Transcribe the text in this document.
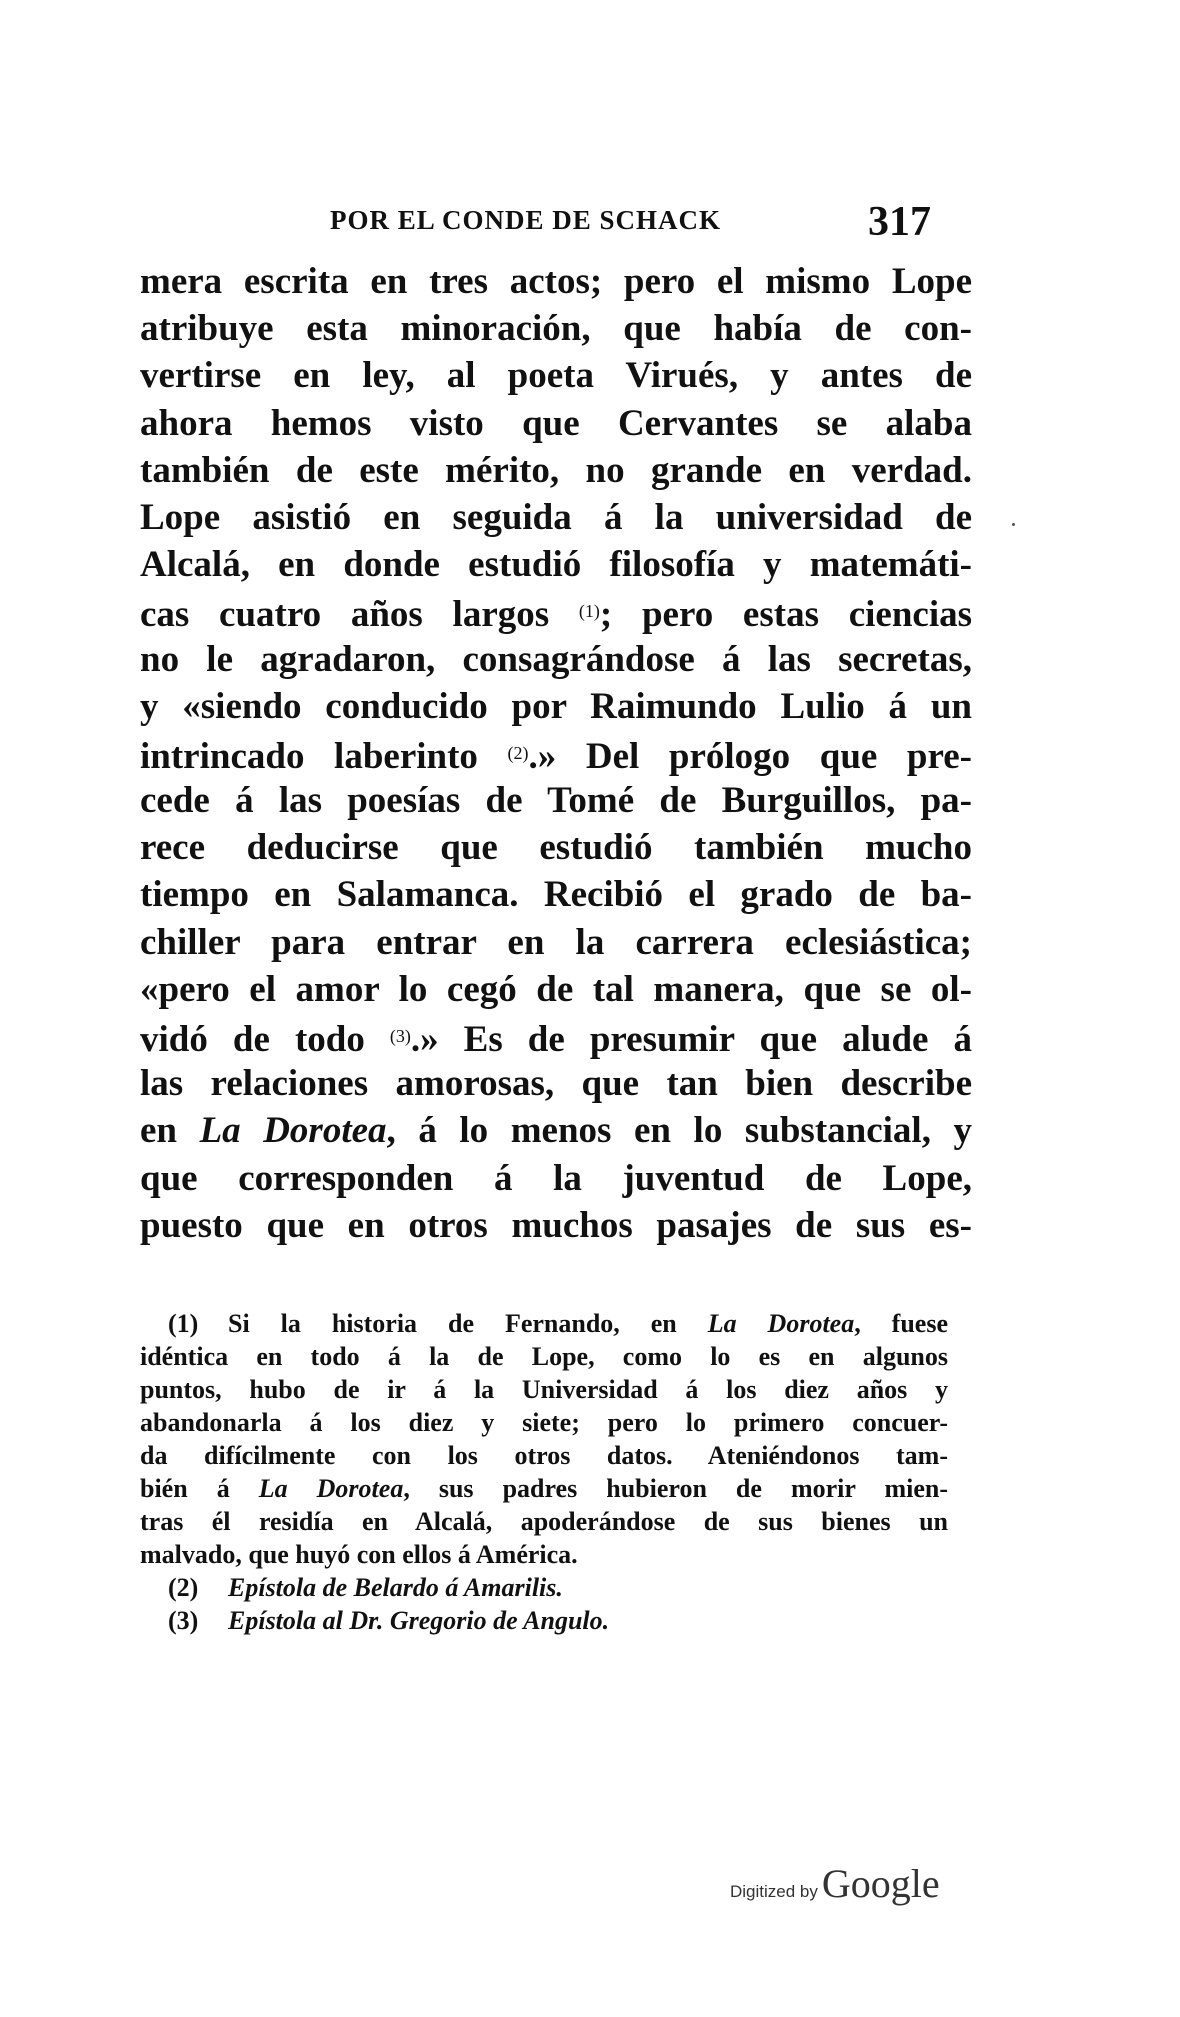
POR EL CONDE DE SCHACK	317
mera escrita en tres actos; pero el mismo Lope
atribuye esta minoración, que había de con-
vertirse en ley, al poeta Virués, y antes de
ahora hemos visto que Cervantes se alaba
también de este mérito, no grande en verdad.
Lope asistió en seguida á la universidad de
Alcalá, en donde estudió filosofía y matemáti-
cas cuatro años largos $^{(1)}$; pero estas ciencias
no le agradaron, consagrándose á las secretas,
y «siendo conducido por Raimundo Lulio á un
intrincado laberinto $^{(2)}$.» Del prólogo que pre-
cede á las poesías de Tomé de Burguillos, pa-
rece deducirse que estudió también mucho
tiempo en Salamanca. Recibió el grado de ba-
chiller para entrar en la carrera eclesiástica;
«pero el amor lo cegó de tal manera, que se ol-
vidó de todo $^{(3)}$.» Es de presumir que alude á
las relaciones amorosas, que tan bien describe
en La Dorotea, á lo menos en lo substancial, y
que corresponden á la juventud de Lope,
puesto que en otros muchos pasajes de sus es-
(1) Si la historia de Fernando, en La Dorotea, fuese
idéntica en todo á la de Lope, como lo es en algunos
puntos, hubo de ir á la Universidad á los diez años y
abandonarla á los diez y siete; pero lo primero concuer-
da difícilmente con los otros datos. Ateniéndonos tam-
bién á La Dorotea, sus padres hubieron de morir mien-
tras él residía en Alcalá, apoderándose de sus bienes un
malvado, que huyó con ellos á América.
(2) Epístola de Belardo á Amarilis.
(3) Epístola al Dr. Gregorio de Angulo.
Digitized by Google
